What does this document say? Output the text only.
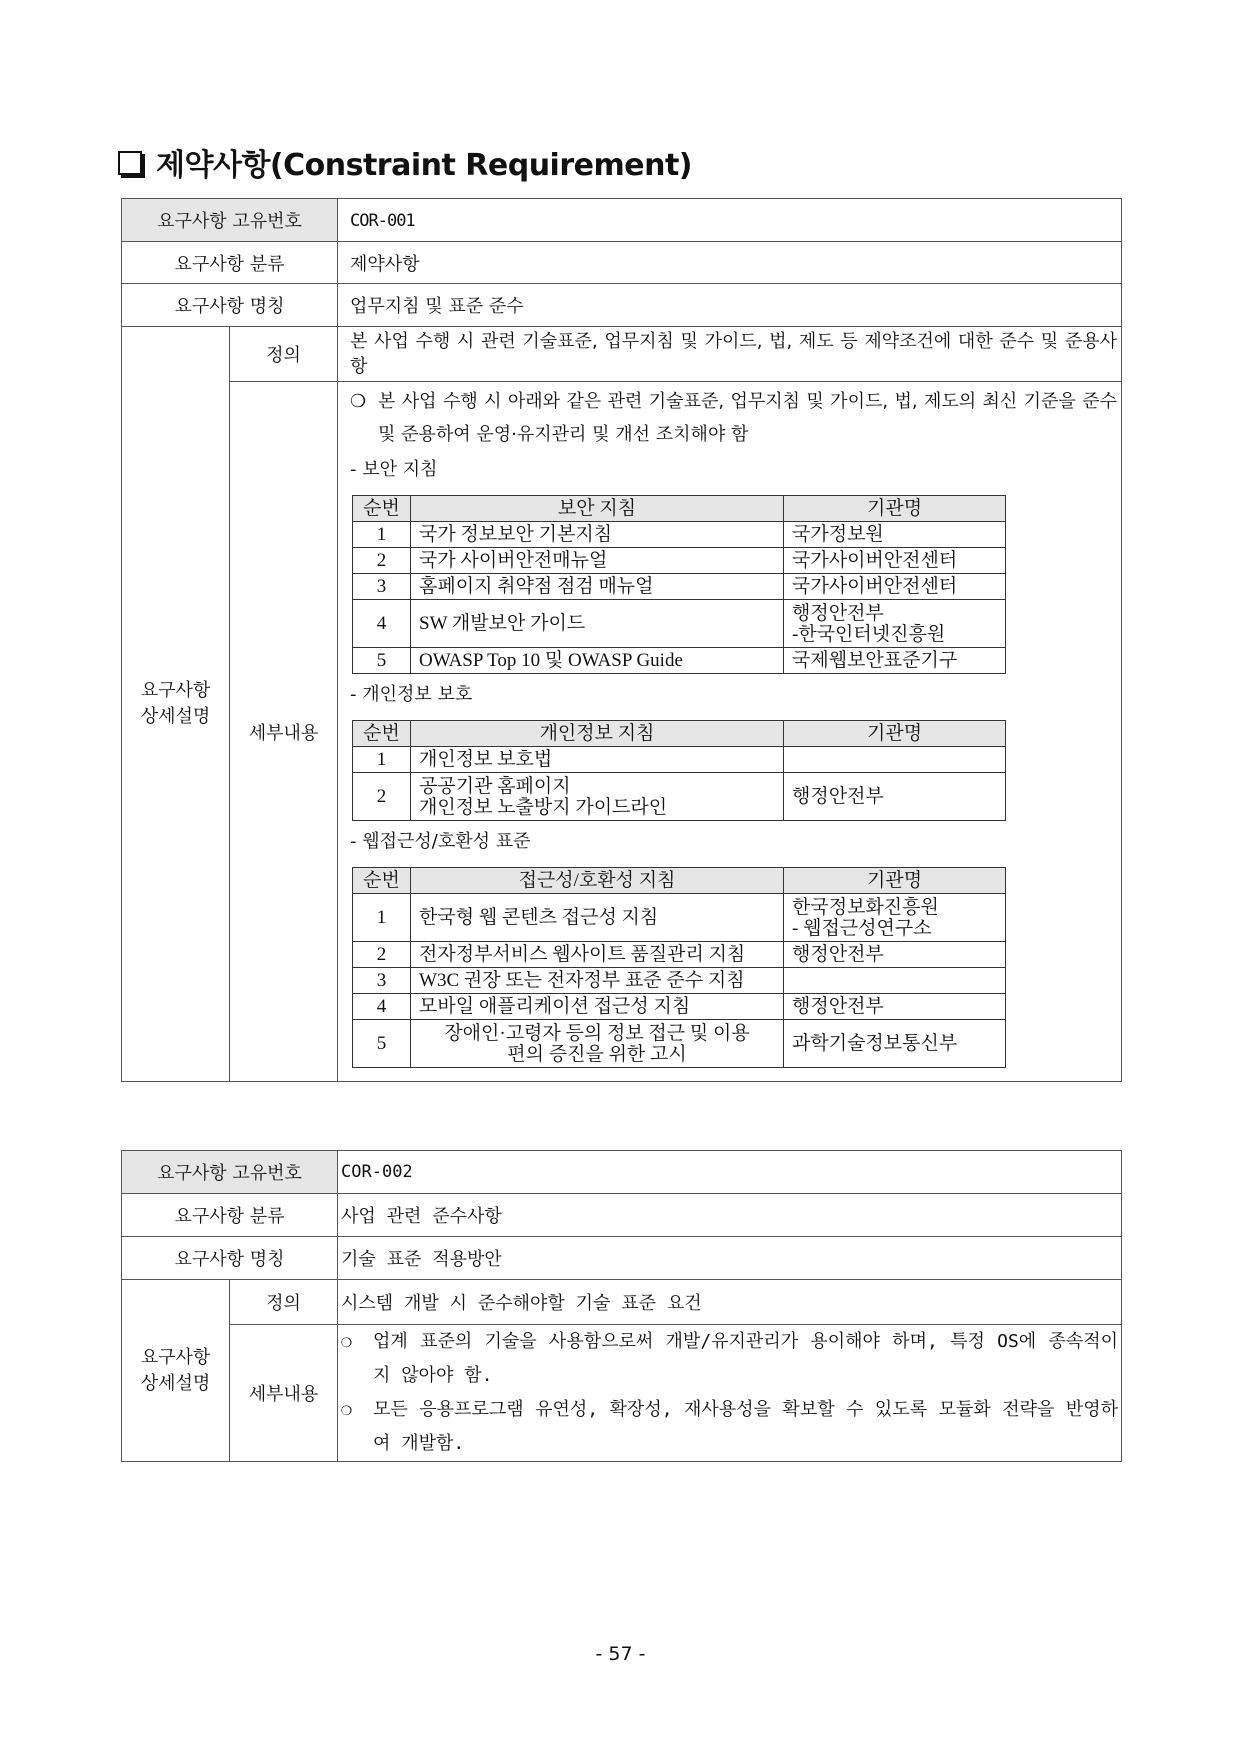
제약사항(Constraint Requirement)
요구사항 고유번호	COR-001
요구사항 분류	제약사항
요구사항 명칭	업무지침 및 표준 준수
요구사항
상세설명	정의	본 사업 수행 시 관련 기술표준, 업무지침 및 가이드, 법, 제도 등 제약조건에 대한 준수 및 준용사항
세부내용	
❍ 본 사업 수행 시 아래와 같은 관련 기술표준, 업무지침 및 가이드, 법, 제도의 최신 기준을 준수 및 준용하여 운영·유지관리 및 개선 조치해야 함
- 보안 지침
순번	보안 지침	기관명
1	국가 정보보안 기본지침	국가정보원
2	국가 사이버안전매뉴얼	국가사이버안전센터
3	홈페이지 취약점 점검 매뉴얼	국가사이버안전센터
4	SW 개발보안 가이드	행정안전부
-한국인터넷진흥원
5	OWASP Top 10 및 OWASP Guide	국제웹보안표준기구
- 개인정보 보호
순번	개인정보 지침	기관명
1	개인정보 보호법	
2	공공기관 홈페이지
개인정보 노출방지 가이드라인	행정안전부
- 웹접근성/호환성 표준
순번	접근성/호환성 지침	기관명
1	한국형 웹 콘텐츠 접근성 지침	한국정보화진흥원
- 웹접근성연구소
2	전자정부서비스 웹사이트 품질관리 지침	행정안전부
3	W3C 권장 또는 전자정부 표준 준수 지침	
4	모바일 애플리케이션 접근성 지침	행정안전부
5	장애인·고령자 등의 정보 접근 및 이용
편의 증진을 위한 고시	과학기술정보통신부
요구사항 고유번호		COR-002
요구사항 분류		사업 관련 준수사항
요구사항 명칭		기술 표준 적용방안
요구사항
상세설명	정의	시스템 개발 시 준수해야할 기술 표준 요건
	세부내용	❍ 업계 표준의 기술을 사용함으로써 개발/유지관리가 용이해야 하며, 특정 OS에 종속적이지 않아야 함.
❍ 모든 응용프로그램 유연성, 확장성, 재사용성을 확보할 수 있도록 모듈화 전략을 반영하여 개발함.
- 57 -
